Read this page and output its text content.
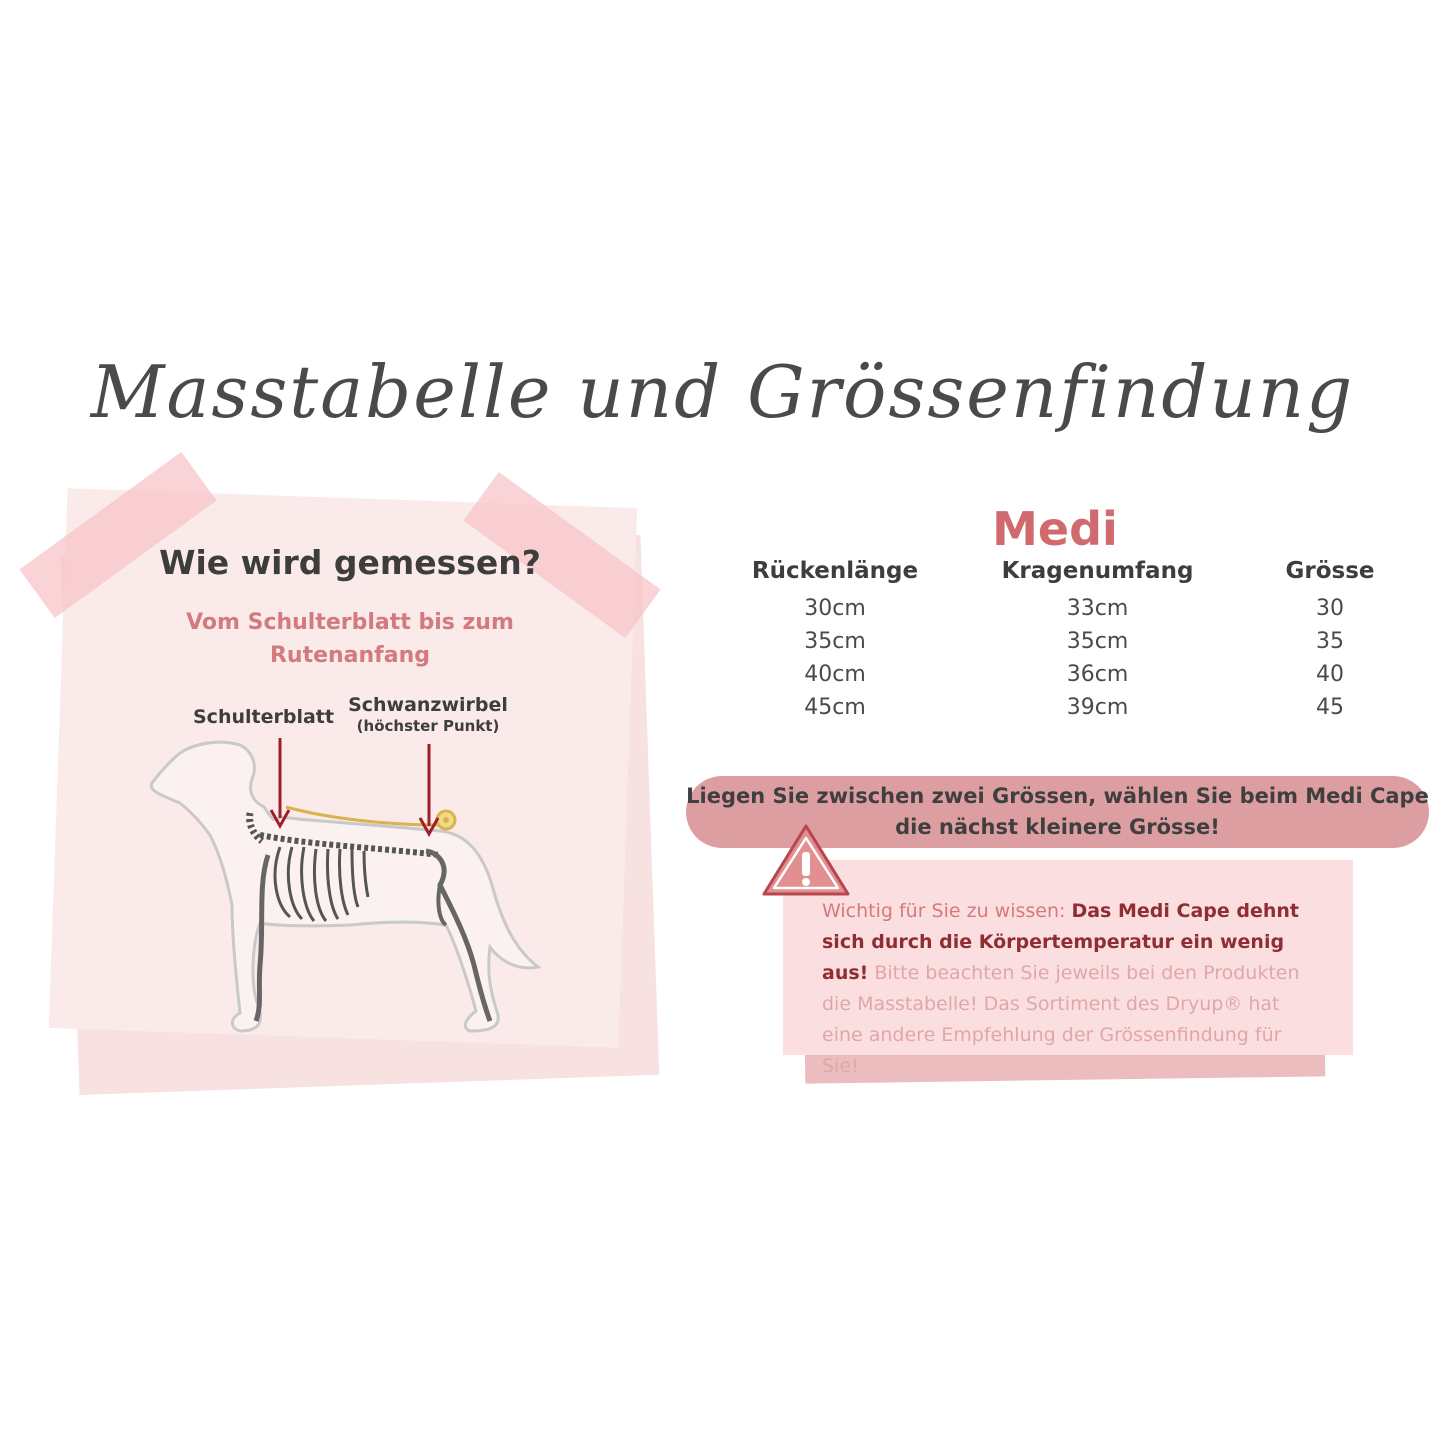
Masstabelle und Grössenfindung
Wie wird gemessen?
Vom Schulterblatt bis zum Rutenanfang
Schulterblatt
Schwanzwirbel
(höchster Punkt)
Medi
Rückenlänge	Kragenumfang	Grösse
30cm	33cm	30
35cm	35cm	35
40cm	36cm	40
45cm	39cm	45
Liegen Sie zwischen zwei Grössen, wählen Sie beim Medi Cape die nächst kleinere Grösse!
Wichtig für Sie zu wissen: Das Medi Cape dehnt sich durch die Körpertemperatur ein wenig aus! Bitte beachten Sie jeweils bei den Produkten die Masstabelle! Das Sortiment des Dryup® hat eine andere Empfehlung der Grössenfindung für Sie!
